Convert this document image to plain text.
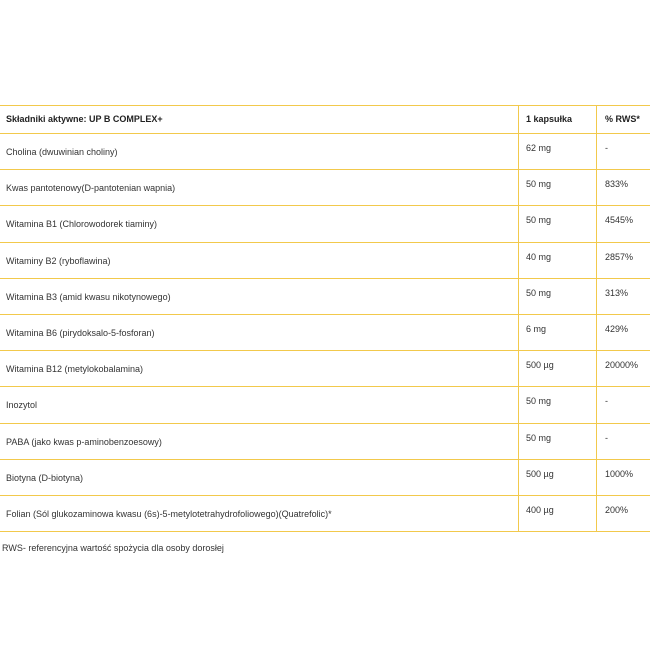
Składniki aktywne: UP B COMPLEX+	1 kapsułka	% RWS*
Cholina (dwuwinian choliny)	62 mg	-
Kwas pantotenowy(D-pantotenian wapnia)	50 mg	833%
Witamina B1 (Chlorowodorek tiaminy)	50 mg	4545%
Witaminy B2 (ryboflawina)	40 mg	2857%
Witamina B3 (amid kwasu nikotynowego)	50 mg	313%
Witamina B6 (pirydoksalo-5-fosforan)	6 mg	429%
Witamina B12 (metylokobalamina)	500 µg	20000%
Inozytol	50 mg	-
PABA (jako kwas p-aminobenzoesowy)	50 mg	-
Biotyna (D-biotyna)	500 µg	1000%
Folian (Sól glukozaminowa kwasu (6s)-5-metylotetrahydrofoliowego)(Quatrefolic)*	400 µg	200%
RWS- referencyjna wartość spożycia dla osoby dorosłej
